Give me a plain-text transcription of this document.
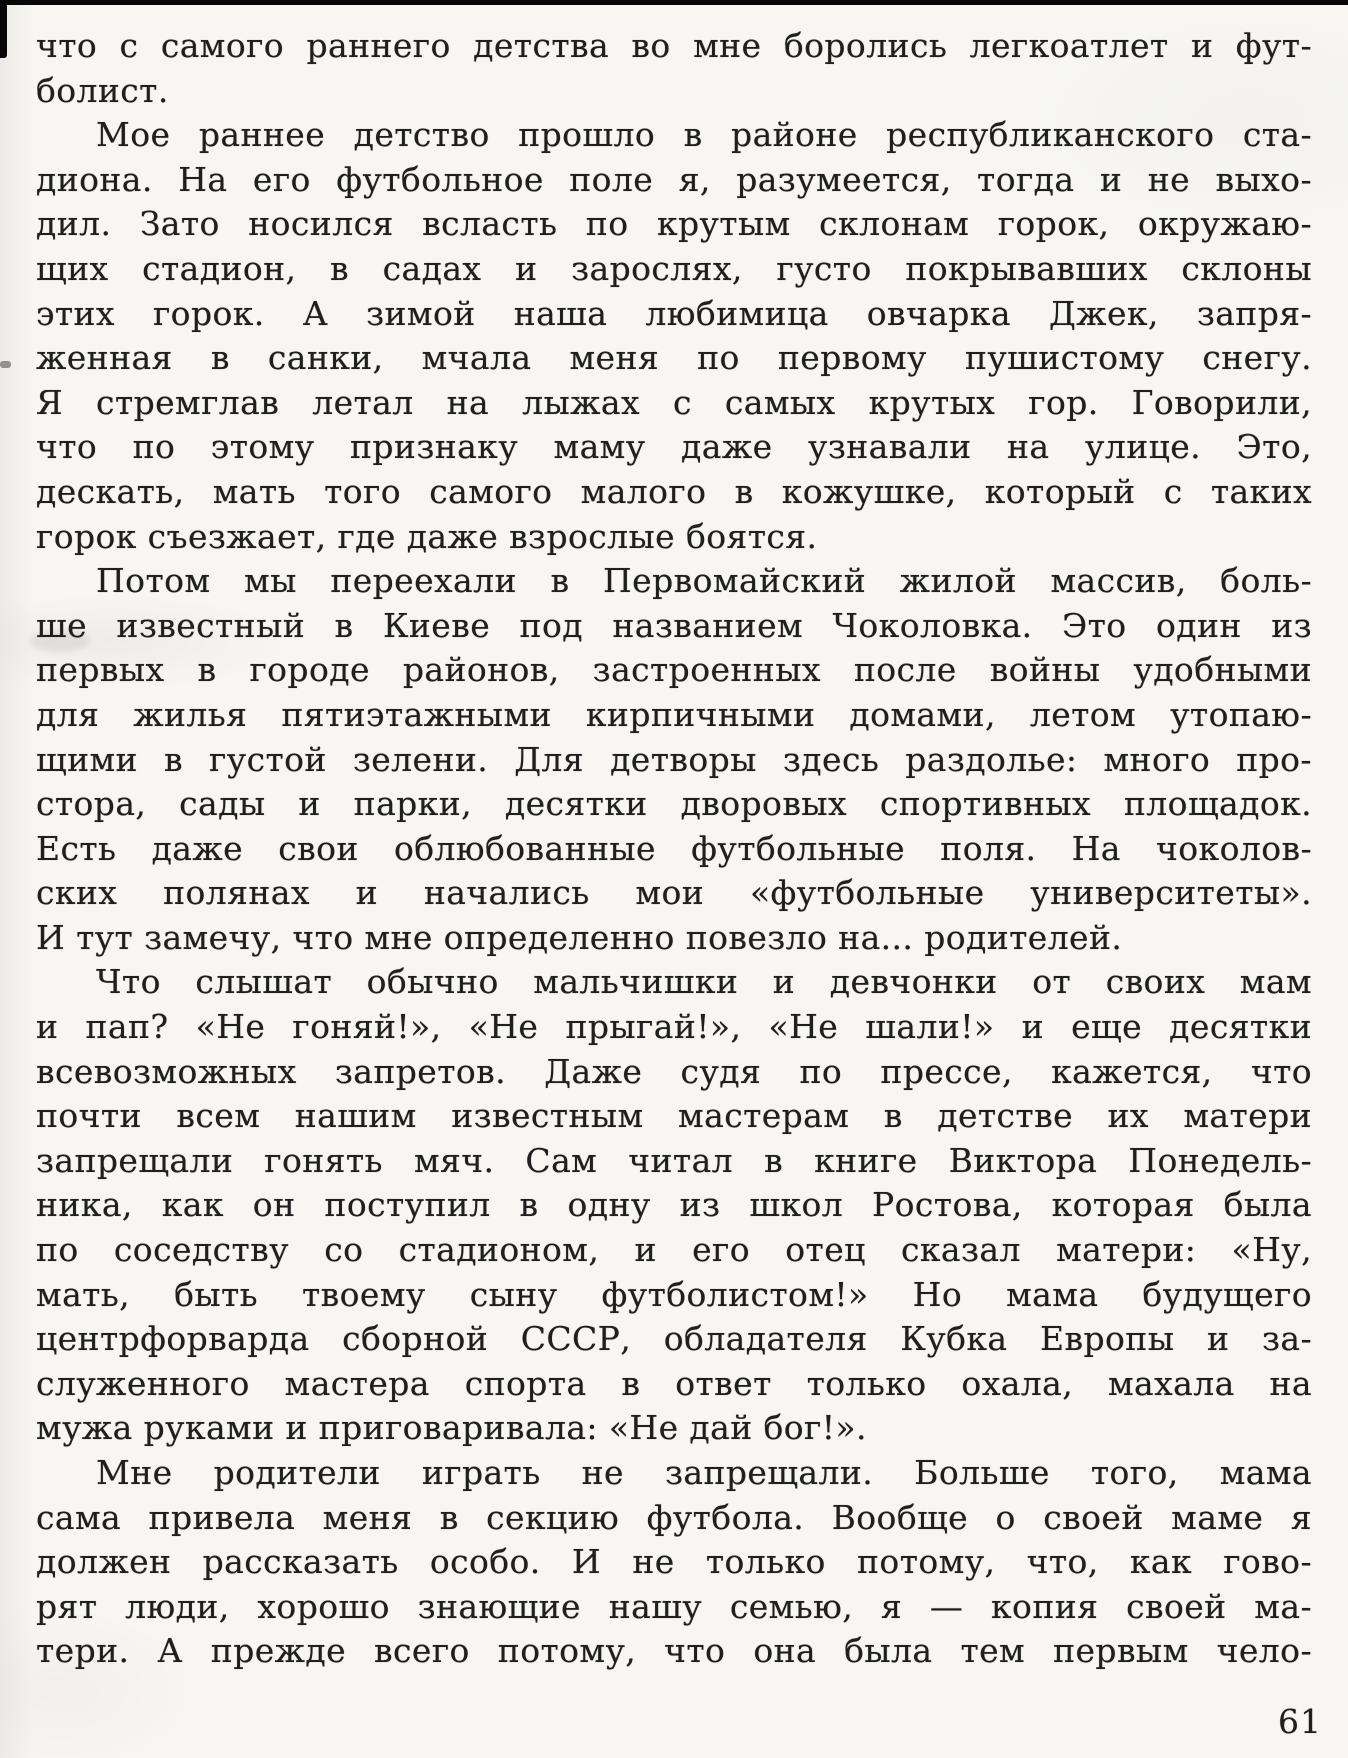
что с самого раннего детства во мне боролись легкоатлет и фут-
болист.
Мое раннее детство прошло в районе республиканского ста-
диона. На его футбольное поле я, разумеется, тогда и не выхо-
дил. Зато носился всласть по крутым склонам горок, окружаю-
щих стадион, в садах и зарослях, густо покрывавших склоны
этих горок. А зимой наша любимица овчарка Джек, запря-
женная в санки, мчала меня по первому пушистому снегу.
Я стремглав летал на лыжах с самых крутых гор. Говорили,
что по этому признаку маму даже узнавали на улице. Это,
дескать, мать того самого малого в кожушке, который с таких
горок съезжает, где даже взрослые боятся.
Потом мы переехали в Первомайский жилой массив, боль-
ше известный в Киеве под названием Чоколовка. Это один из
первых в городе районов, застроенных после войны удобными
для жилья пятиэтажными кирпичными домами, летом утопаю-
щими в густой зелени. Для детворы здесь раздолье: много про-
стора, сады и парки, десятки дворовых спортивных площадок.
Есть даже свои облюбованные футбольные поля. На чоколов-
ских полянах и начались мои «футбольные университеты».
И тут замечу, что мне определенно повезло на... родителей.
Что слышат обычно мальчишки и девчонки от своих мам
и пап? «Не гоняй!», «Не прыгай!», «Не шали!» и еще десятки
всевозможных запретов. Даже судя по прессе, кажется, что
почти всем нашим известным мастерам в детстве их матери
запрещали гонять мяч. Сам читал в книге Виктора Понедель-
ника, как он поступил в одну из школ Ростова, которая была
по соседству со стадионом, и его отец сказал матери: «Ну,
мать, быть твоему сыну футболистом!» Но мама будущего
центрфорварда сборной СССР, обладателя Кубка Европы и за-
служенного мастера спорта в ответ только охала, махала на
мужа руками и приговаривала: «Не дай бог!».
Мне родители играть не запрещали. Больше того, мама
сама привела меня в секцию футбола. Вообще о своей маме я
должен рассказать особо. И не только потому, что, как гово-
рят люди, хорошо знающие нашу семью, я — копия своей ма-
тери. А прежде всего потому, что она была тем первым чело-
61
